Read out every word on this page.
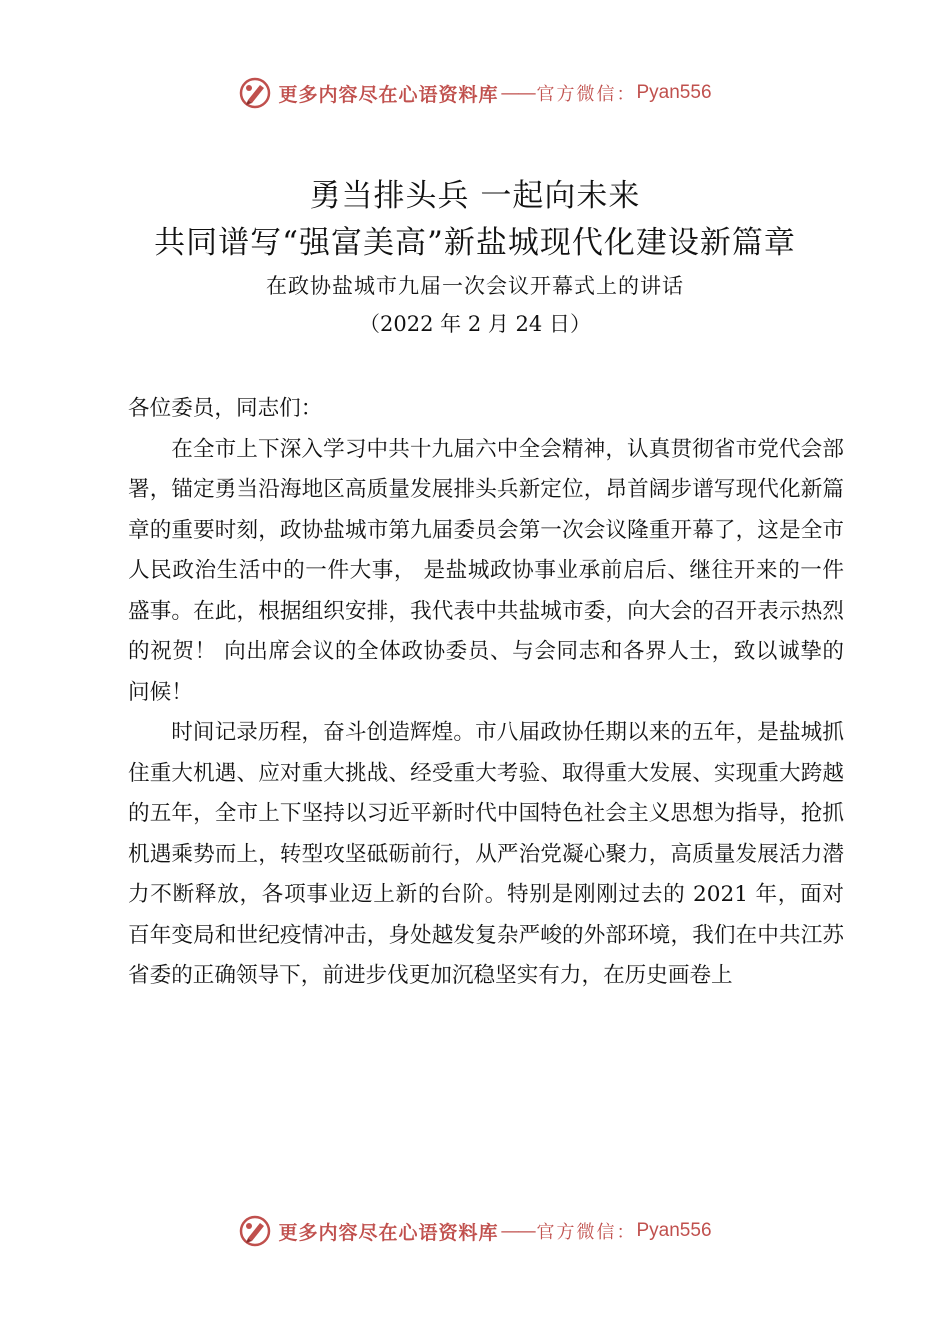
更多内容尽在心语资料库 —— 官方微信： Pyan556
勇当排头兵 一起向未来
共同谱写“强富美高”新盐城现代化建设新篇章
在政协盐城市九届一次会议开幕式上的讲话
（2022 年 2 月 24 日）

各位委员，同志们：

在全市上下深入学习中共十九届六中全会精神，认真贯彻省市党代会部署，锚定勇当沿海地区高质量发展排头兵新定位，昂首阔步谱写现代化新篇章的重要时刻，政协盐城市第九届委员会第一次会议隆重开幕了，这是全市人民政治生活中的一件大事， 是盐城政协事业承前启后、继往开来的一件盛事。在此，根据组织安排，我代表中共盐城市委，向大会的召开表示热烈的祝贺！ 向出席会议的全体政协委员、与会同志和各界人士，致以诚挚的问候！

时间记录历程，奋斗创造辉煌。市八届政协任期以来的五年，是盐城抓住重大机遇、应对重大挑战、经受重大考验、取得重大发展、实现重大跨越的五年，全市上下坚持以习近平新时代中国特色社会主义思想为指导，抢抓机遇乘势而上，转型攻坚砥砺前行，从严治党凝心聚力，高质量发展活力潜力不断释放，各项事业迈上新的台阶。特别是刚刚过去的 2021 年，面对百年变局和世纪疫情冲击，身处越发复杂严峻的外部环境，我们在中共江苏省委的正确领导下，前进步伐更加沉稳坚实有力，在历史画卷上

更多内容尽在心语资料库 —— 官方微信： Pyan556
